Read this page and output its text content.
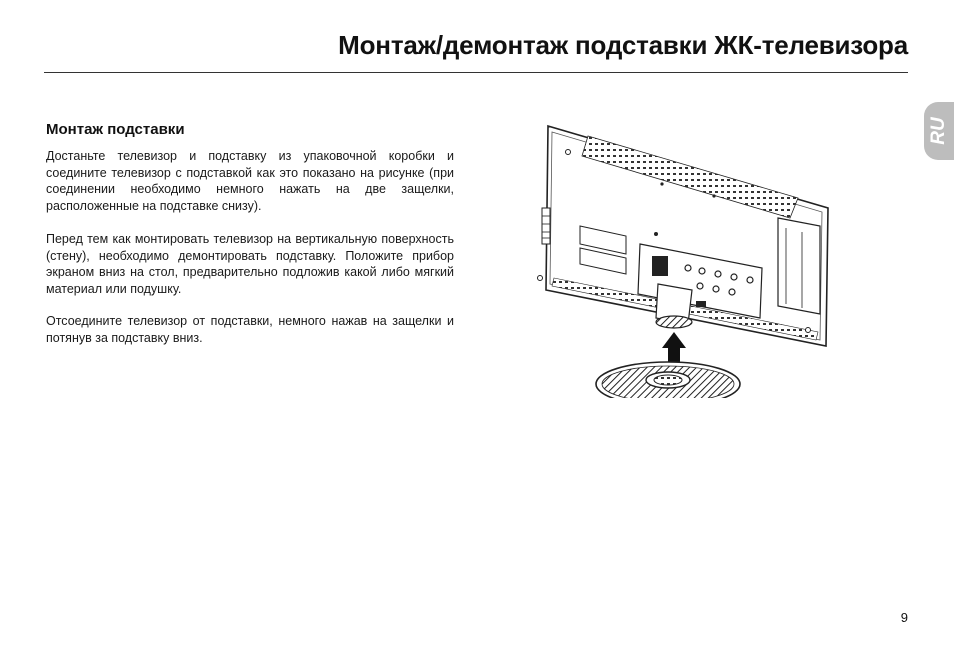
Монтаж/демонтаж подставки ЖК-телевизора
RU
Монтаж подставки

Достаньте телевизор и подставку из упаковочной коробки и соедините телевизор с подставкой как это показано на рисунке (при соединении необходимо немного нажать на две защелки, расположенные на подставке снизу).

Перед тем как монтировать телевизор на вертикальную поверхность (стену), необходимо демонтировать подставку. Положите прибор экраном вниз на стол, предварительно подложив какой либо мягкий материал или подушку.

Отсоедините телевизор от подставки, немного нажав на защелки и потянув за подставку вниз.

9
